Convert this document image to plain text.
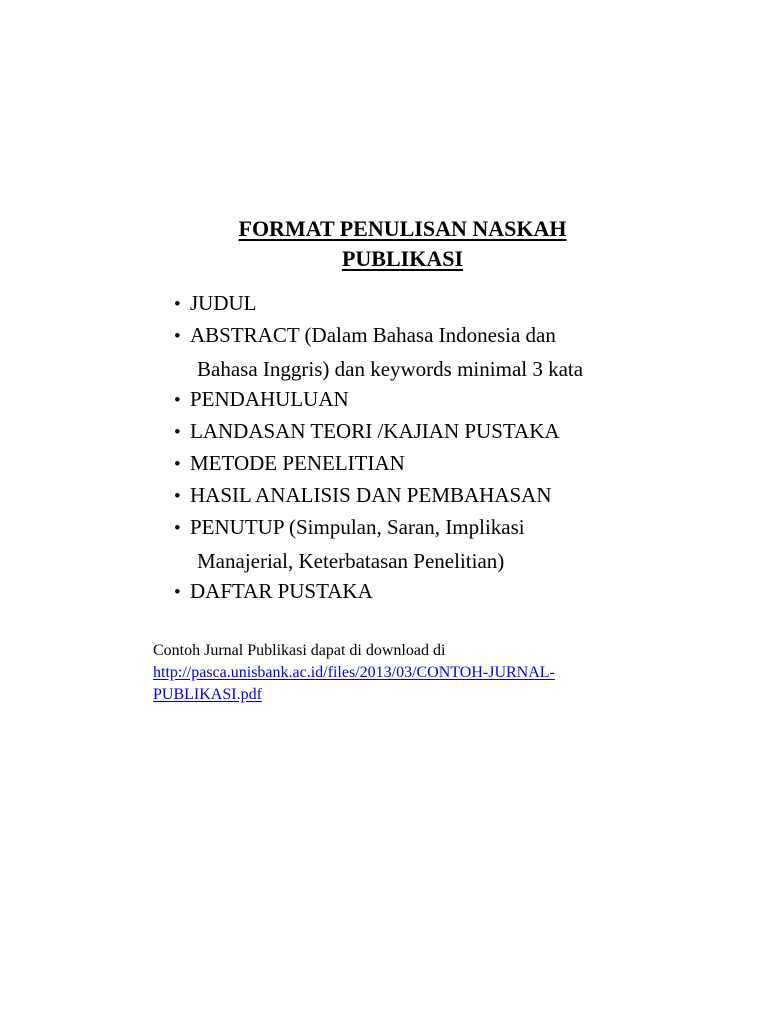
FORMAT PENULISAN NASKAH
PUBLIKASI
• JUDUL
• ABSTRACT (Dalam Bahasa Indonesia dan
Bahasa Inggris) dan keywords minimal 3 kata
• PENDAHULUAN
• LANDASAN TEORI /KAJIAN PUSTAKA
• METODE PENELITIAN
• HASIL ANALISIS DAN PEMBAHASAN
• PENUTUP (Simpulan, Saran, Implikasi
Manajerial, Keterbatasan Penelitian)
• DAFTAR PUSTAKA
Contoh Jurnal Publikasi dapat di download di
http://pasca.unisbank.ac.id/files/2013/03/CONTOH-JURNAL-
PUBLIKASI.pdf
